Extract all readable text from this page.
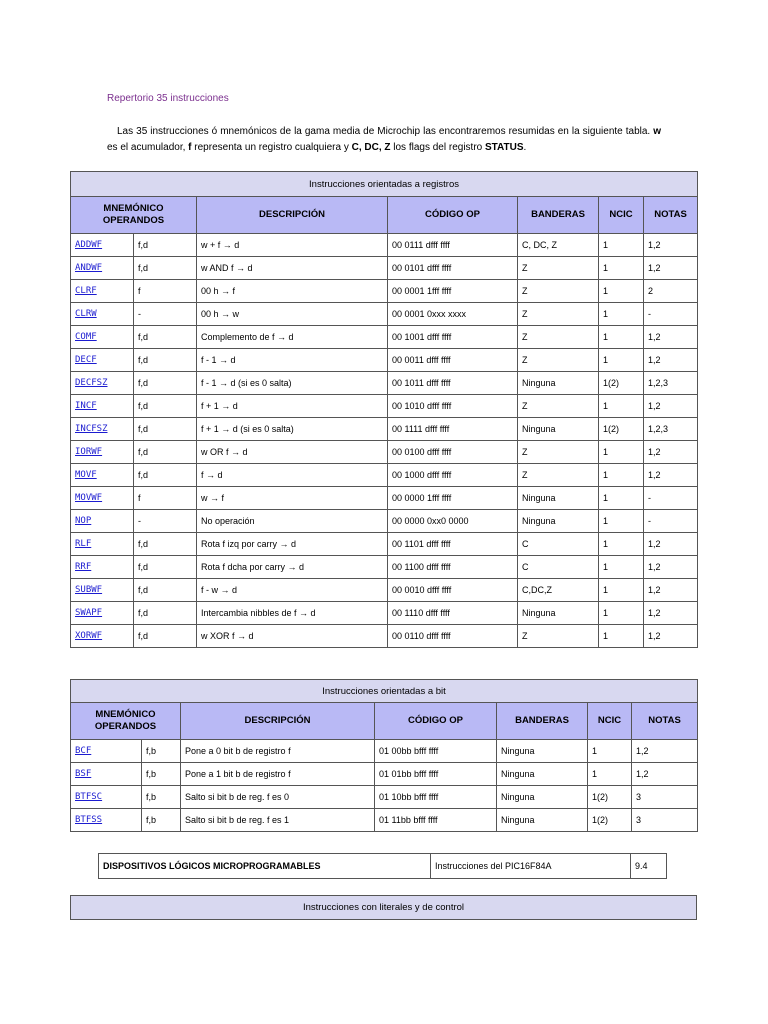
Repertorio 35 instrucciones
Las 35 instrucciones ó mnemónicos de la gama media de Microchip las encontraremos resumidas en la siguiente tabla. w es el acumulador, f representa un registro cualquiera y C, DC, Z los flags del registro STATUS.
Instrucciones orientadas a registros						
MNEMÓNICO
OPERANDOS		DESCRIPCIÓN	CÓDIGO OP	BANDERAS	NCIC	NOTAS
ADDWF	f,d	w + f → d	00 0111 dfff ffff	C, DC, Z	1	1,2
ANDWF	f,d	w AND f → d	00 0101 dfff ffff	Z	1	1,2
CLRF	f	00 h → f	00 0001 1fff ffff	Z	1	2
CLRW	-	00 h → w	00 0001 0xxx xxxx	Z	1	-
COMF	f,d	Complemento de f → d	00 1001 dfff ffff	Z	1	1,2
DECF	f,d	f - 1 → d	00 0011 dfff ffff	Z	1	1,2
DECFSZ	f,d	f - 1 → d (si es 0 salta)	00 1011 dfff ffff	Ninguna	1(2)	1,2,3
INCF	f,d	f + 1 → d	00 1010 dfff ffff	Z	1	1,2
INCFSZ	f,d	f + 1 → d (si es 0 salta)	00 1111 dfff ffff	Ninguna	1(2)	1,2,3
IORWF	f,d	w OR f → d	00 0100 dfff ffff	Z	1	1,2
MOVF	f,d	f → d	00 1000 dfff ffff	Z	1	1,2
MOVWF	f	w → f	00 0000 1fff ffff	Ninguna	1	-
NOP	-	No operación	00 0000 0xx0 0000	Ninguna	1	-
RLF	f,d	Rota f izq por carry → d	00 1101 dfff ffff	C	1	1,2
RRF	f,d	Rota f dcha por carry → d	00 1100 dfff ffff	C	1	1,2
SUBWF	f,d	f - w → d	00 0010 dfff ffff	C,DC,Z	1	1,2
SWAPF	f,d	Intercambia nibbles de f → d	00 1110 dfff ffff	Ninguna	1	1,2
XORWF	f,d	w XOR f → d	00 0110 dfff ffff	Z	1	1,2
Instrucciones orientadas a bit						
MNEMÓNICO
OPERANDOS		DESCRIPCIÓN	CÓDIGO OP	BANDERAS	NCIC	NOTAS
BCF	f,b	Pone a 0 bit b de registro f	01 00bb bfff ffff	Ninguna	1	1,2
BSF	f,b	Pone a 1 bit b de registro f	01 01bb bfff ffff	Ninguna	1	1,2
BTFSC	f,b	Salto si bit b de reg. f es 0	01 10bb bfff ffff	Ninguna	1(2)	3
BTFSS	f,b	Salto si bit b de reg. f es 1	01 11bb bfff ffff	Ninguna	1(2)	3
DISPOSITIVOS LÓGICOS MICROPROGRAMABLES	Instrucciones del PIC16F84A	9.4
Instrucciones con literales y de control
